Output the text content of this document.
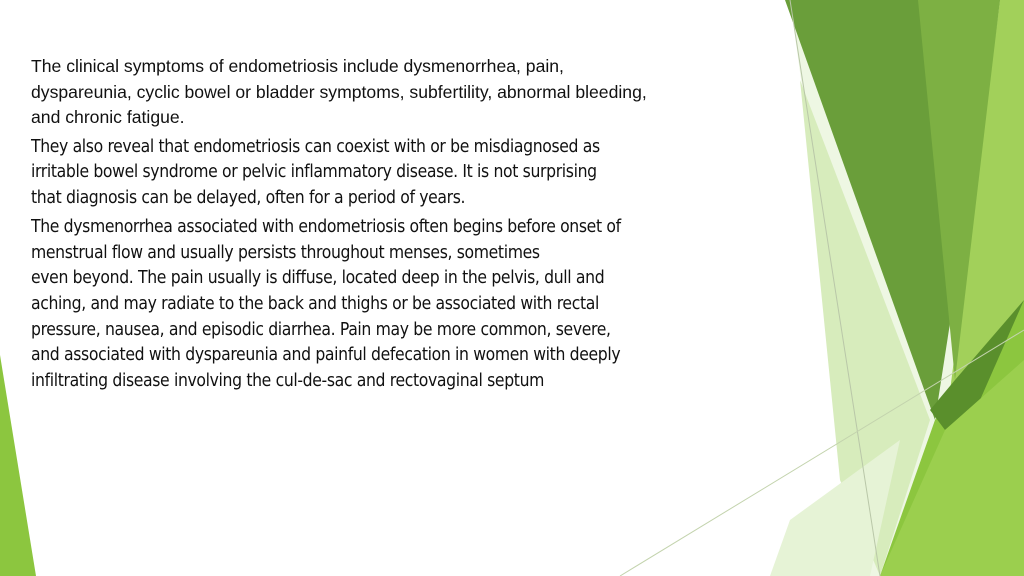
The clinical symptoms of endometriosis include dysmenorrhea, pain,
dyspareunia, cyclic bowel or bladder symptoms, subfertility, abnormal bleeding,
and chronic fatigue.

They also reveal that endometriosis can coexist with or be misdiagnosed as
irritable bowel syndrome or pelvic inflammatory disease. It is not surprising
that diagnosis can be delayed, often for a period of years.

The dysmenorrhea associated with endometriosis often begins before onset of
menstrual flow and usually persists throughout menses, sometimes
even beyond. The pain usually is diffuse, located deep in the pelvis, dull and
aching, and may radiate to the back and thighs or be associated with rectal
pressure, nausea, and episodic diarrhea. Pain may be more common, severe,
and associated with dyspareunia and painful defecation in women with deeply
infiltrating disease involving the cul-de-sac and rectovaginal septum
